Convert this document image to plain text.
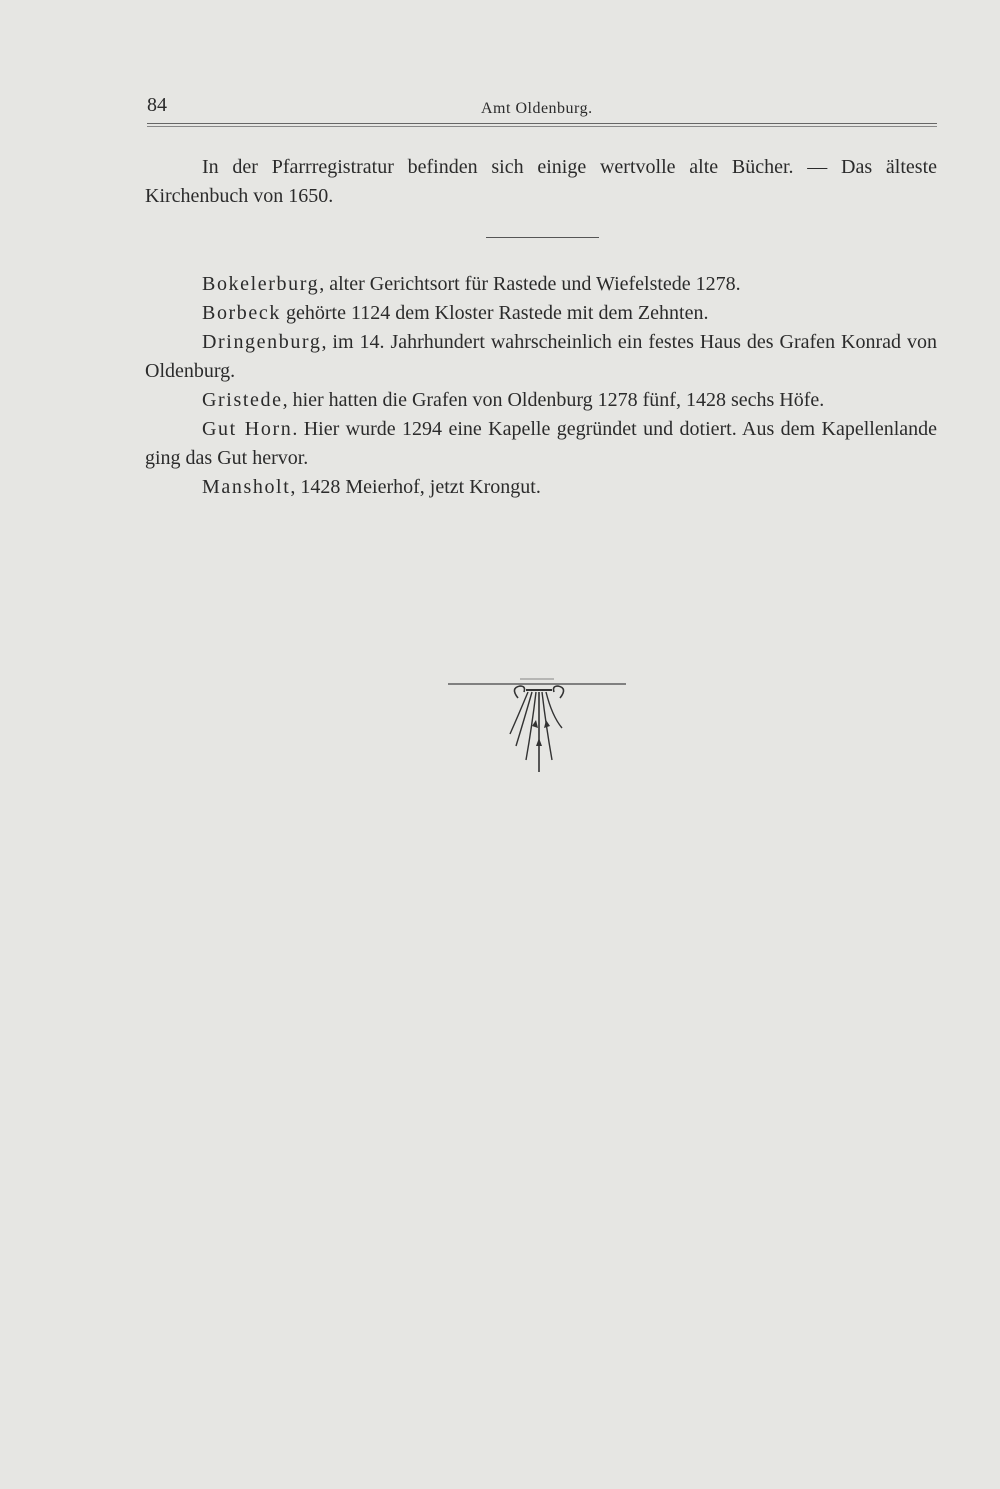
84	Amt Oldenburg.

In der Pfarrregistratur befinden sich einige wertvolle alte Bücher. — Das älteste Kirchenbuch von 1650.

Bokelerburg, alter Gerichtsort für Rastede und Wiefelstede 1278.

Borbeck gehörte 1124 dem Kloster Rastede mit dem Zehnten.

Dringenburg, im 14. Jahrhundert wahrscheinlich ein festes Haus des Grafen Konrad von Oldenburg.

Gristede, hier hatten die Grafen von Oldenburg 1278 fünf, 1428 sechs Höfe.

Gut Horn. Hier wurde 1294 eine Kapelle gegründet und dotiert. Aus dem Kapellenlande ging das Gut hervor.

Mansholt, 1428 Meierhof, jetzt Krongut.
